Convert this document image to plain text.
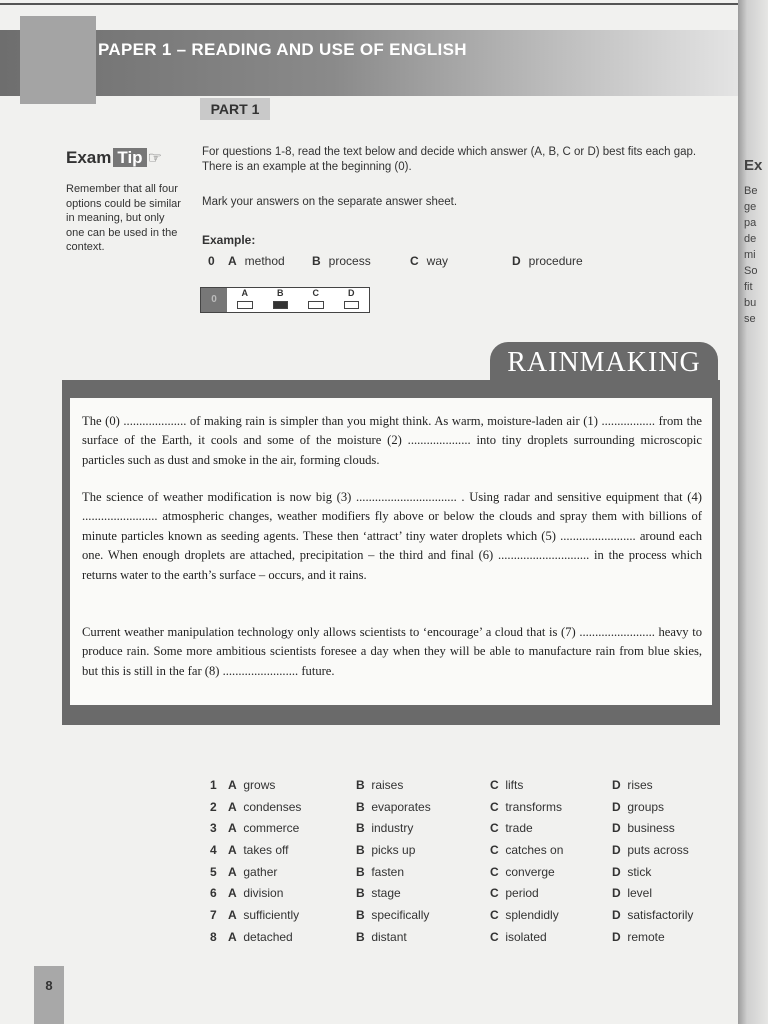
PAPER 1 – READING AND USE OF ENGLISH
PART 1
Exam Tip ☞
Remember that all four options could be similar in meaning, but only one can be used in the context.
For questions 1-8, read the text below and decide which answer (A, B, C or D) best fits each gap. There is an example at the beginning (0).
Mark your answers on the separate answer sheet.
Example:
0 A method B process	C way	D procedure
0
A	B	C	D
RAINMAKING
The (0) .................... of making rain is simpler than you might think. As warm, moisture-laden air (1) ................. from the surface of the Earth, it cools and some of the moisture (2) .................... into tiny droplets surrounding microscopic particles such as dust and smoke in the air, forming clouds.
The science of weather modification is now big (3) ................................ . Using radar and sensitive equipment that (4) ........................ atmospheric changes, weather modifiers fly above or below the clouds and spray them with billions of minute particles known as seeding agents. These then ‘attract’ tiny water droplets which (5) ........................ around each one. When enough droplets are attached, precipitation – the third and final (6) ............................. in the process which returns water to the earth’s surface – occurs, and it rains.
Current weather manipulation technology only allows scientists to ‘encourage’ a cloud that is (7) ........................ heavy to produce rain. Some more ambitious scientists foresee a day when they will be able to manufacture rain from blue skies, but this is still in the far (8) ........................ future.
1 A grows	B raises	C lifts	D rises
2 A condenses	B evaporates	C transforms	D groups
3 A commerce	B industry	C trade	D business
4 A takes off	B picks up	C catches on	D puts across
5 A gather	B fasten	C converge	D stick
6 A division	B stage	C period	D level
7 A sufficiently	B specifically	C splendidly	D satisfactorily
8 A detached	B distant	C isolated	D remote
Ex
Be
ge
pa
de
mi
So
fit
bu
se
8
